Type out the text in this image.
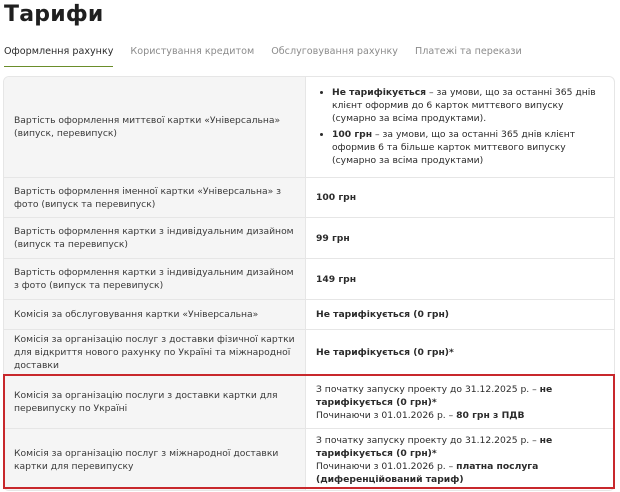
Тарифи
Оформлення рахунку Користування кредитом Обслуговування рахунку Платежі та перекази
Вартість оформлення миттєвої картки «Універсальна» (випуск, перевипуск)
• Не тарифікується – за умови, що за останні 365 днів клієнт оформив до 6 карток миттєвого випуску (сумарно за всіма продуктами).
• 100 грн – за умови, що за останні 365 днів клієнт оформив 6 та більше карток миттєвого випуску (сумарно за всіма продуктами)
Вартість оформлення іменної картки «Універсальна» з фото (випуск та перевипуск)
100 грн
Вартість оформлення картки з індивідуальним дизайном (випуск та перевипуск)
99 грн
Вартість оформлення картки з індивідуальним дизайном з фото (випуск та перевипуск)
149 грн
Комісія за обслуговування картки «Універсальна»	Не тарифікується (0 грн)
Комісія за організацію послуг з доставки фізичної картки для відкриття нового рахунку по Україні та міжнародної доставки
Не тарифікується (0 грн)*
Комісія за організацію послуги з доставки картки для перевипуску по Україні
З початку запуску проекту до 31.12.2025 р. – не тарифікується (0 грн)*
Починаючи з 01.01.2026 р. – 80 грн з ПДВ
Комісія за організацію послуг з міжнародної доставки картки для перевипуску
З початку запуску проекту до 31.12.2025 р. – не тарифікується (0 грн)*
Починаючи з 01.01.2026 р. – платна послуга (диференційований тариф)
